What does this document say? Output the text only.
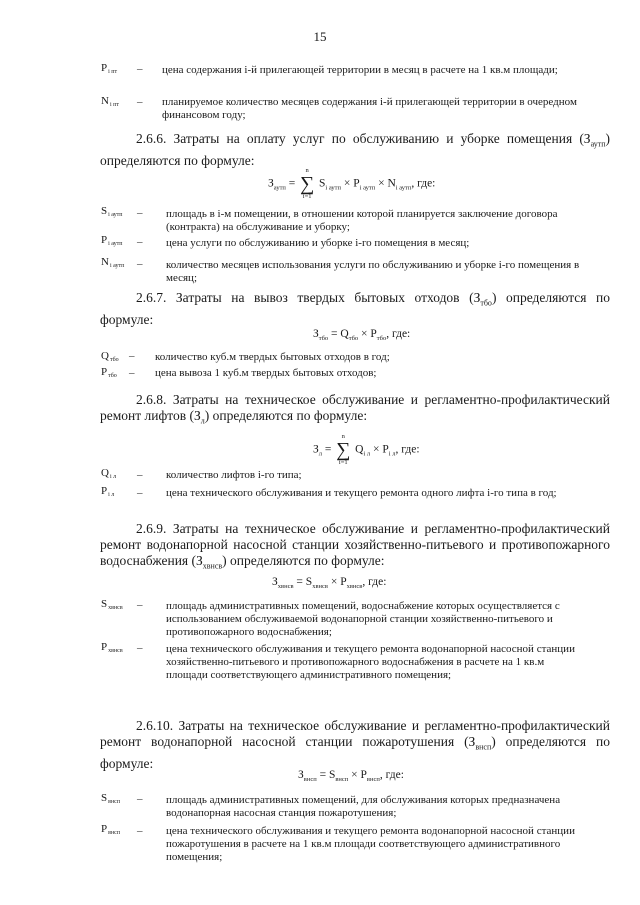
15
$P_{i пт}$ – цена содержания i-й прилегающей территории в месяц в расчете на 1 кв.м площади;
$N_{i пт}$ – планируемое количество месяцев содержания i-й прилегающей территории в очередном финансовом году;
2.6.6. Затраты на оплату услуг по обслуживанию и уборке помещения $(З_{аутп})$ определяются по формуле:
$З_{аутп}$ =
n
∑
i=1
$S_{i аутп} \times P_{i аутп} \times N_{i аутп}$, где:
$S_{i аутп}$ – площадь в i-м помещении, в отношении которой планируется заключение договора (контракта) на обслуживание и уборку;
$P_{i аутп}$ – цена услуги по обслуживанию и уборке i-го помещения в месяц;
$N_{i аутп}$ – количество месяцев использования услуги по обслуживанию и уборке i-го помещения в месяц;
2.6.7. Затраты на вывоз твердых бытовых отходов $(З_{тбо})$ определяются по формуле:
$З_{тбо} = Q_{тбо} \times P_{тбо}$, где:
$Q_{тбо}$ – количество куб.м твердых бытовых отходов в год;
$P_{тбо}$ – цена вывоза 1 куб.м твердых бытовых отходов;
2.6.8. Затраты на техническое обслуживание и регламентно-профилактический ремонт лифтов $(З_л)$ определяются по формуле:
$З_л$ =
n
∑
i=1
$Q_{i л} \times P_{i л}$, где:
$Q_{i л}$ – количество лифтов i-го типа;
$P_{i л}$ – цена технического обслуживания и текущего ремонта одного лифта i-го типа в год;
2.6.9. Затраты на техническое обслуживание и регламентно-профилактический ремонт водонапорной насосной станции хозяйственно-питьевого и противопожарного водоснабжения $(З_{хвнсв})$ определяются по формуле:
$З_{хвнсв} = S_{хвнсв} \times P_{хвнсв}$, где:
$S_{хвнсв}$ – площадь административных помещений, водоснабжение которых осуществляется с использованием обслуживаемой водонапорной станции хозяйственно-питьевого и противопожарного водоснабжения;
$P_{хвнсв}$ – цена технического обслуживания и текущего ремонта водонапорной насосной станции хозяйственно-питьевого и противопожарного водоснабжения в расчете на 1 кв.м площади соответствующего административного помещения;
2.6.10. Затраты на техническое обслуживание и регламентно-профилактический ремонт водонапорной насосной станции пожаротушения $(З_{внсп})$ определяются по формуле:
$З_{внсп} = S_{внсп} \times P_{внсп}$, где:
$S_{внсп}$ – площадь административных помещений, для обслуживания которых предназначена водонапорная насосная станция пожаротушения;
$P_{внсп}$ – цена технического обслуживания и текущего ремонта водонапорной насосной станции пожаротушения в расчете на 1 кв.м площади соответствующего административного помещения;
